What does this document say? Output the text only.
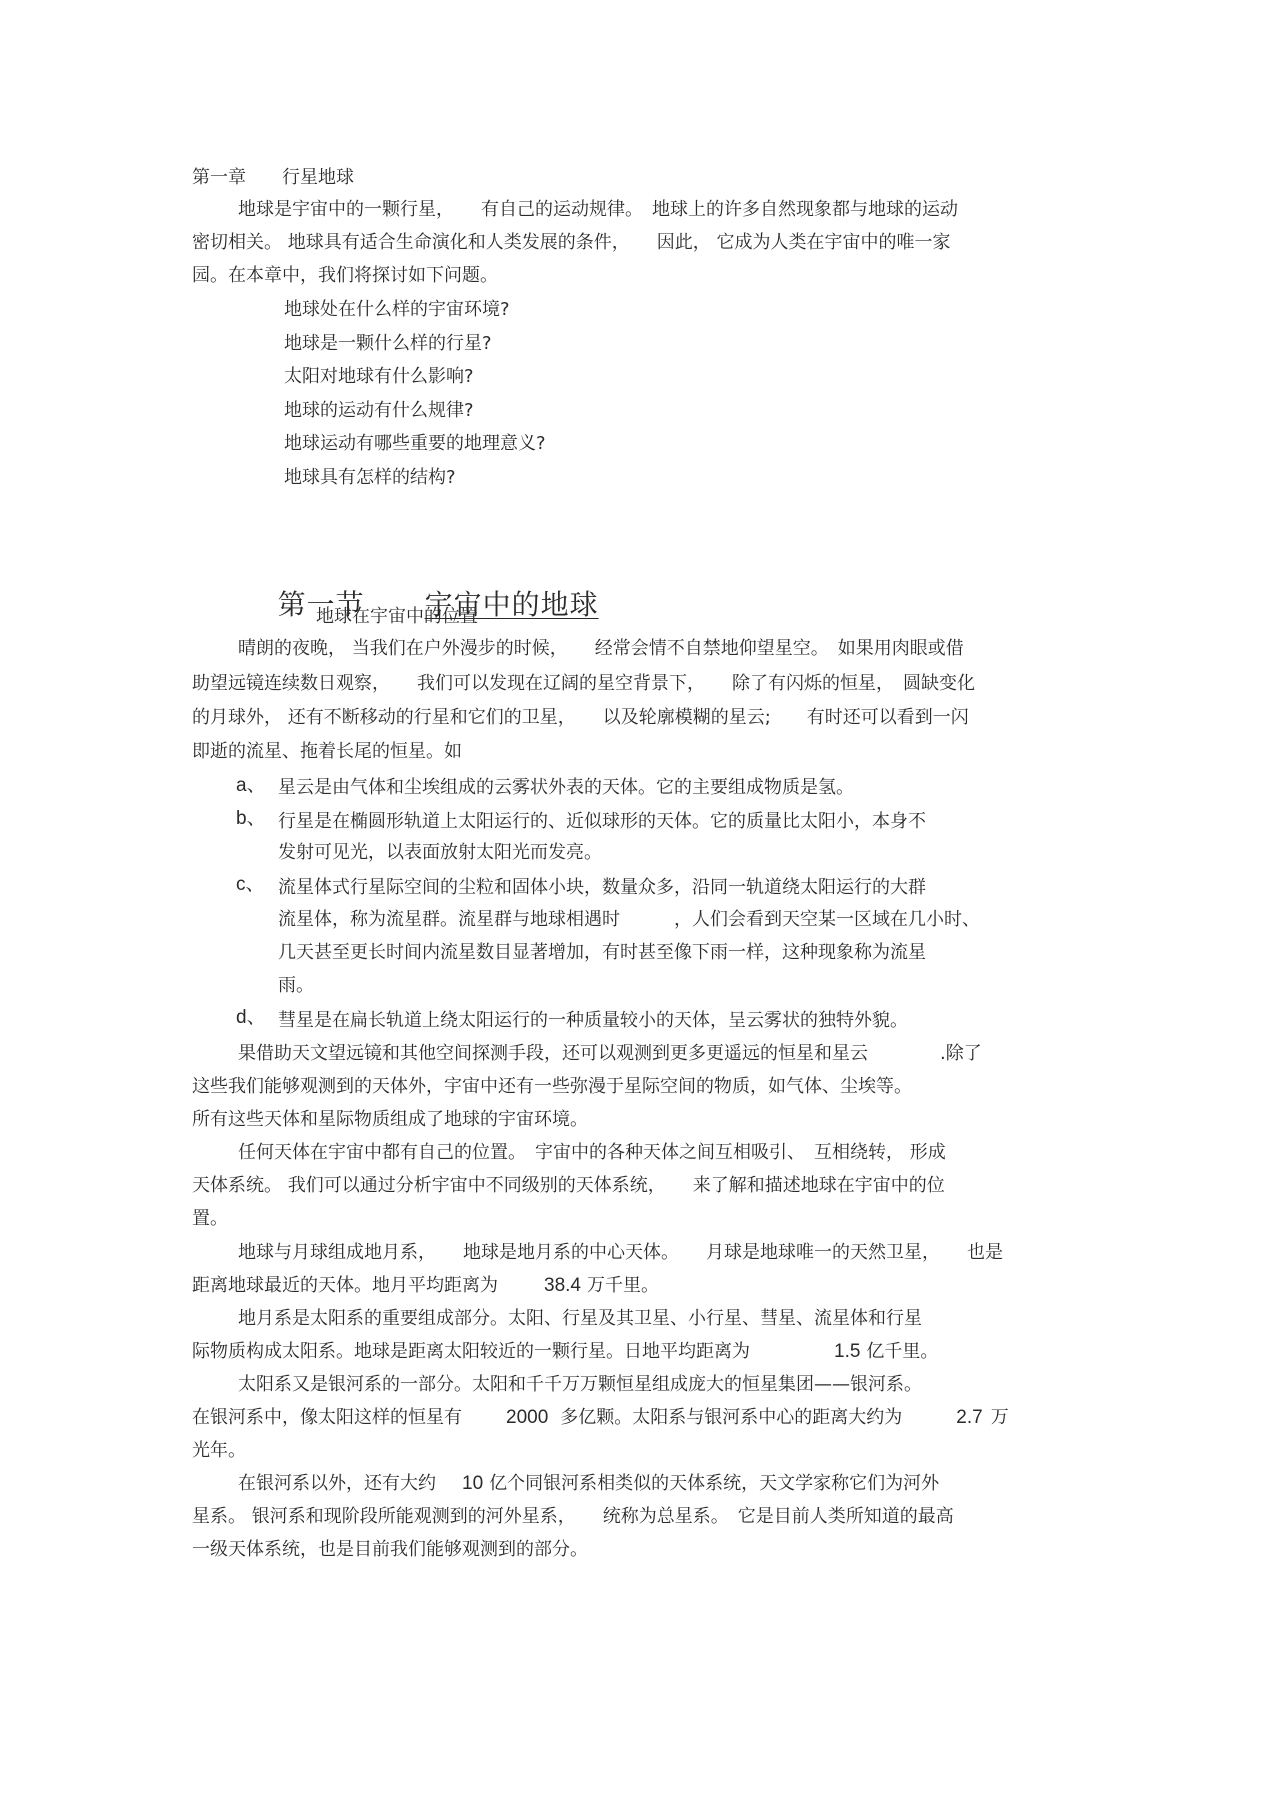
第一章　　行星地球
地球是宇宙中的一颗行星，　　有自己的运动规律。　地球上的许多自然现象都与地球的运动
密切相关。 地球具有适合生命演化和人类发展的条件，　　因此， 它成为人类在宇宙中的唯一家
园。在本章中，我们将探讨如下问题。
地球处在什么样的宇宙环境?
地球是一颗什么样的行星?
太阳对地球有什么影响?
地球的运动有什么规律?
地球运动有哪些重要的地理意义?
地球具有怎样的结构?

第一节 宇宙中的地球

地球在宇宙中的位置
晴朗的夜晚， 当我们在户外漫步的时候，　　经常会情不自禁地仰望星空。　如果用肉眼或借
助望远镜连续数日观察，　　我们可以发现在辽阔的星空背景下，　　除了有闪烁的恒星，　圆缺变化
的月球外， 还有不断移动的行星和它们的卫星，　　以及轮廓模糊的星云;　　有时还可以看到一闪
即逝的流星、拖着长尾的恒星。如
a、 星云是由气体和尘埃组成的云雾状外表的天体。它的主要组成物质是氢。
b、 行星是在椭圆形轨道上太阳运行的、近似球形的天体。它的质量比太阳小，本身不
发射可见光，以表面放射太阳光而发亮。
c、 流星体式行星际空间的尘粒和固体小块，数量众多，沿同一轨道绕太阳运行的大群
流星体，称为流星群。流星群与地球相遇时　　　，人们会看到天空某一区域在几小时、
几天甚至更长时间内流星数目显著增加，有时甚至像下雨一样，这种现象称为流星
雨。
d、 彗星是在扁长轨道上绕太阳运行的一种质量较小的天体，呈云雾状的独特外貌。
果借助天文望远镜和其他空间探测手段，还可以观测到更多更遥远的恒星和星云　　　　.除了
这些我们能够观测到的天体外，宇宙中还有一些弥漫于星际空间的物质，如气体、尘埃等。
所有这些天体和星际物质组成了地球的宇宙环境。
任何天体在宇宙中都有自己的位置。　宇宙中的各种天体之间互相吸引、　互相绕转， 形成
天体系统。 我们可以通过分析宇宙中不同级别的天体系统，　　来了解和描述地球在宇宙中的位
置。
地球与月球组成地月系，　　地球是地月系的中心天体。　　月球是地球唯一的天然卫星，　　也是
距离地球最近的天体。地月平均距离为 38.4 万千里。
地月系是太阳系的重要组成部分。太阳、行星及其卫星、小行星、彗星、流星体和行星
际物质构成太阳系。地球是距离太阳较近的一颗行星。日地平均距离为	1.5 亿千里。
太阳系又是银河系的一部分。太阳和千千万万颗恒星组成庞大的恒星集团——银河系。
在银河系中，像太阳这样的恒星有 2000 多亿颗。太阳系与银河系中心的距离大约为	2.7 万
光年。
在银河系以外，还有大约 10 亿个同银河系相类似的天体系统，天文学家称它们为河外
星系。 银河系和现阶段所能观测到的河外星系，　　统称为总星系。　它是目前人类所知道的最高
一级天体系统，也是目前我们能够观测到的部分。
